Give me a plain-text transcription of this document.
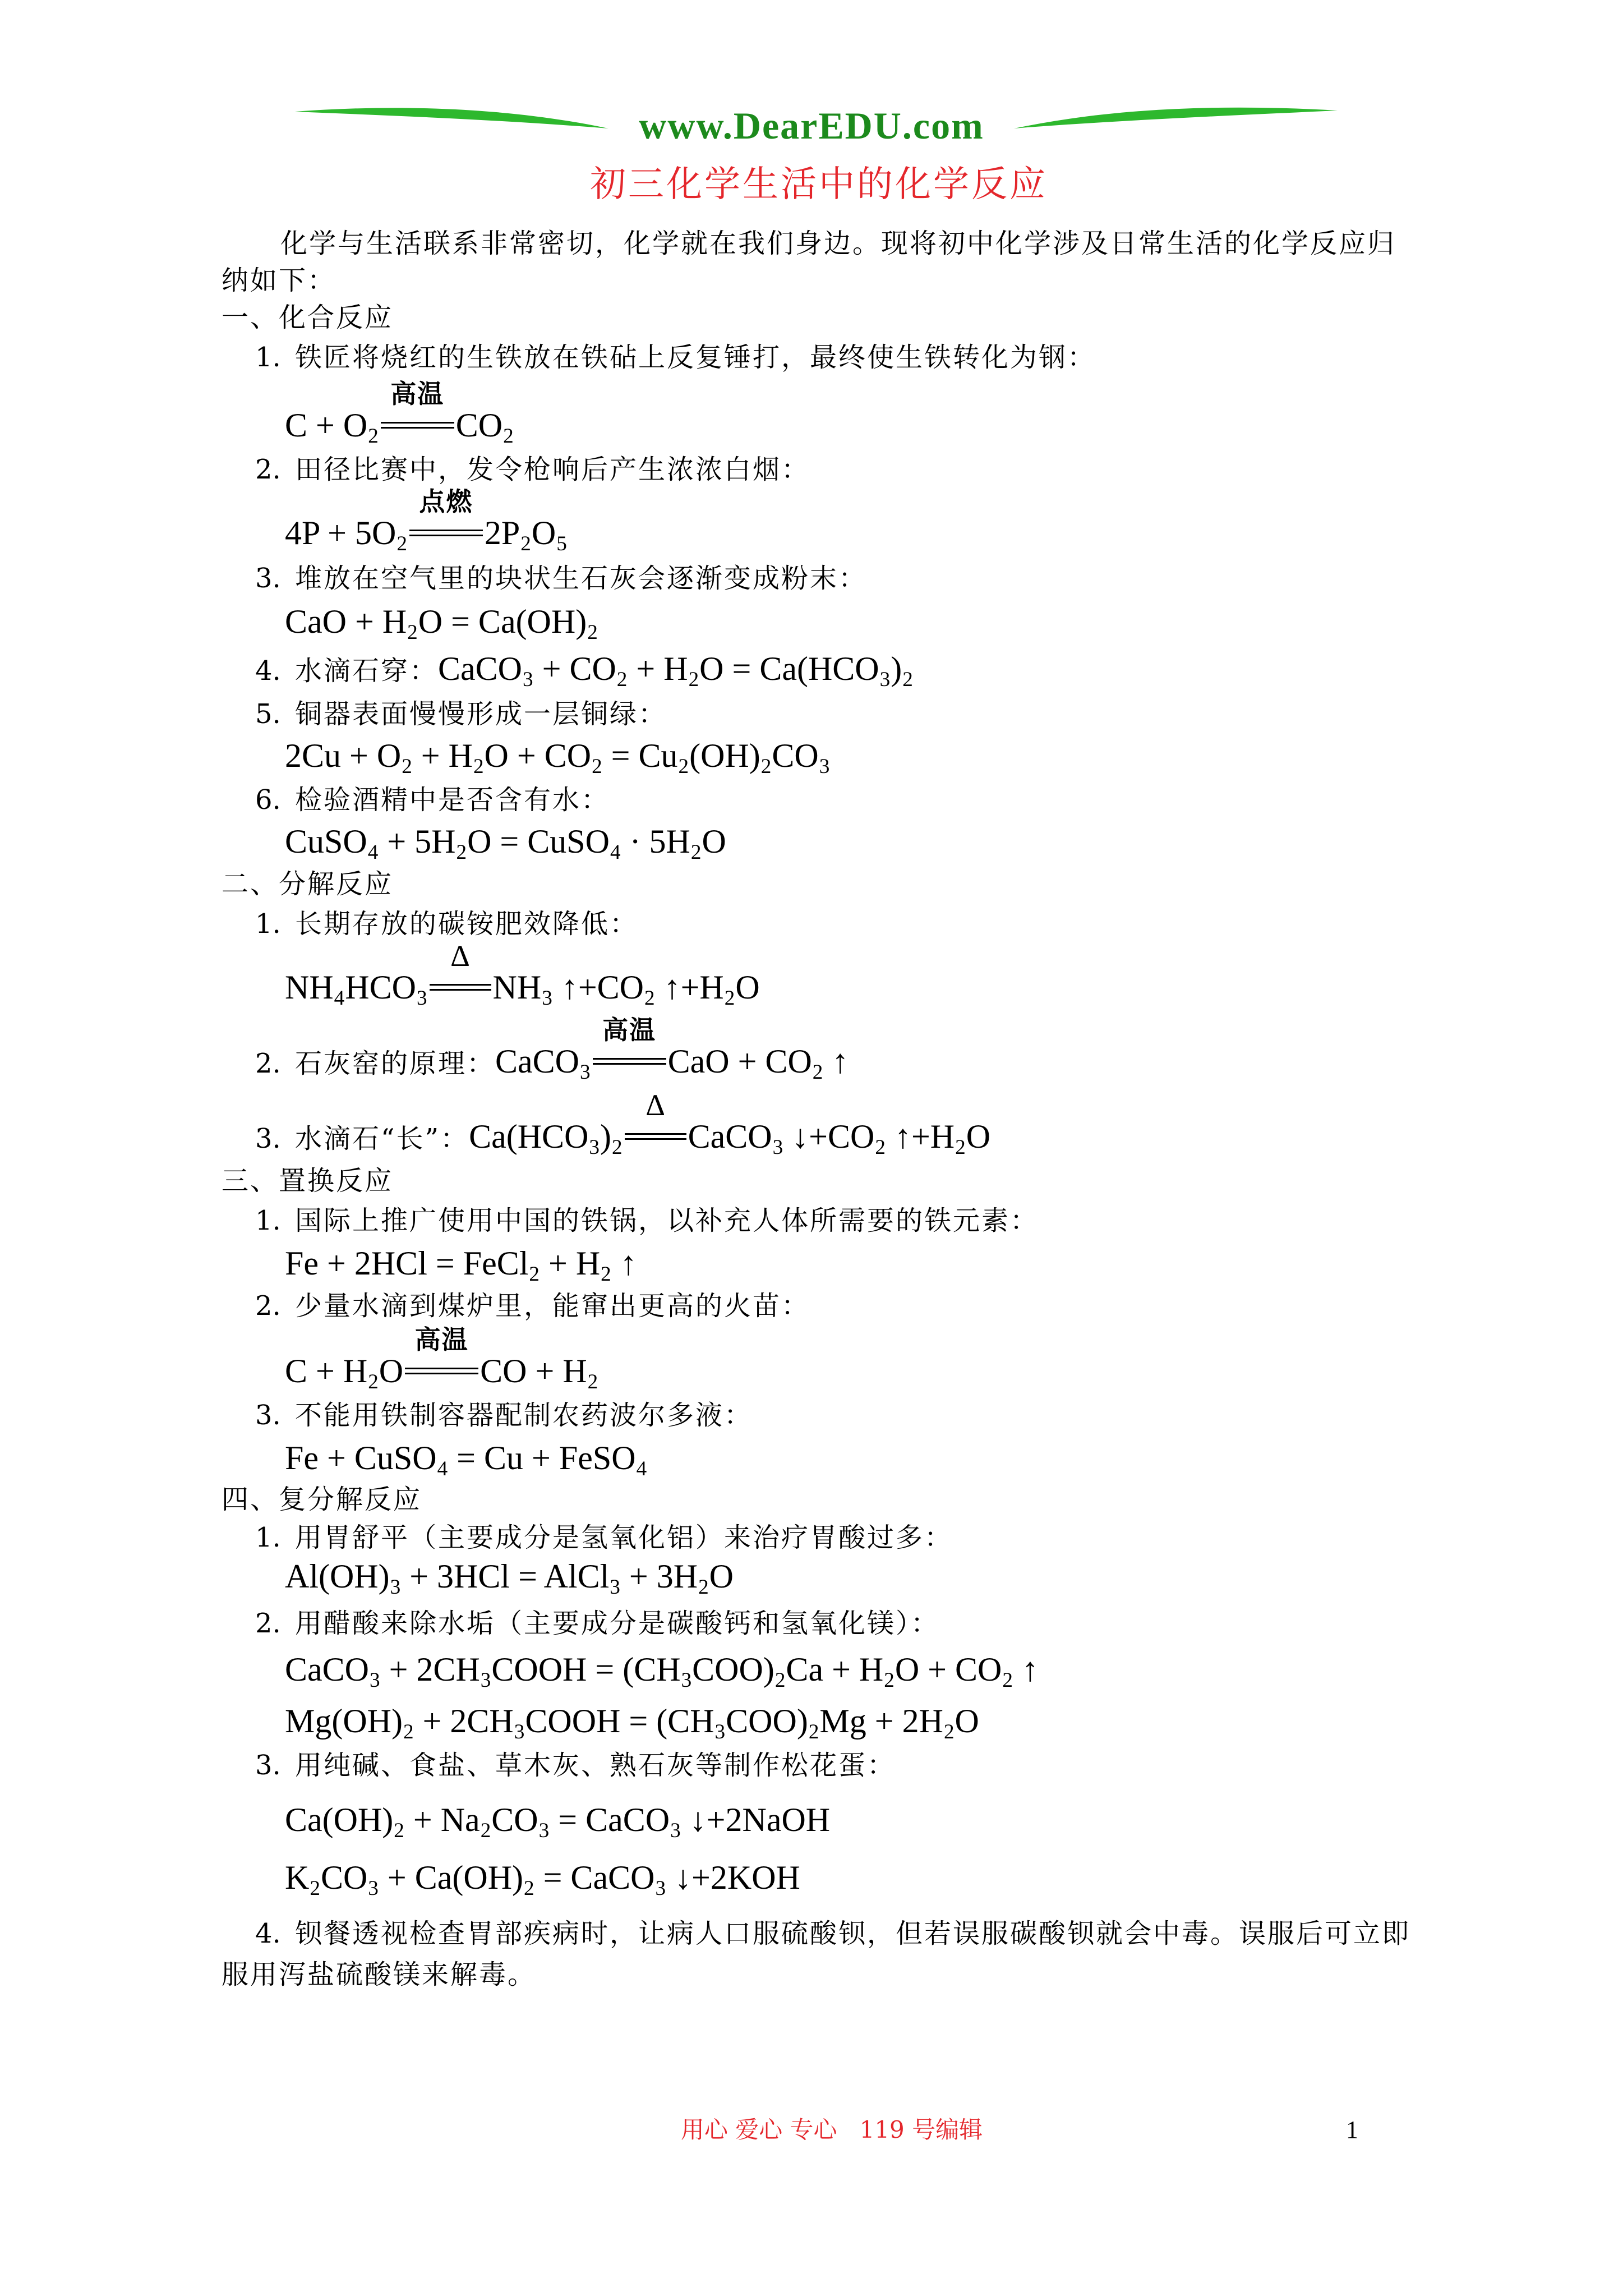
www.DearEDU.com
初三化学生活中的化学反应
化学与生活联系非常密切，化学就在我们身边。现将初中化学涉及日常生活的化学反应归
纳如下：
一、化合反应
1. 铁匠将烧红的生铁放在铁砧上反复锤打，最终使生铁转化为钢：
C + O2
高温
CO2
2. 田径比赛中，发令枪响后产生浓浓白烟：
4P + 5O2
点燃
2P2O5
3. 堆放在空气里的块状生石灰会逐渐变成粉末：
CaO + H2O = Ca(OH)2
4. 水滴石穿：CaCO3 + CO2 + H2O = Ca(HCO3)2
5. 铜器表面慢慢形成一层铜绿：
2Cu + O2 + H2O + CO2 = Cu2(OH)2CO3
6. 检验酒精中是否含有水：
CuSO4 + 5H2O = CuSO4 · 5H2O
二、分解反应
1. 长期存放的碳铵肥效降低：
NH4HCO3
Δ
NH3 ↑+CO2 ↑+H2O
2. 石灰窑的原理：CaCO3
高温
CaO + CO2 ↑
3. 水滴石“长”：Ca(HCO3)2
Δ
CaCO3 ↓+CO2 ↑+H2O
三、置换反应
1. 国际上推广使用中国的铁锅，以补充人体所需要的铁元素：
Fe + 2HCl = FeCl2 + H2 ↑
2. 少量水滴到煤炉里，能窜出更高的火苗：
C + H2O
高温
CO + H2
3. 不能用铁制容器配制农药波尔多液：
Fe + CuSO4 = Cu + FeSO4
四、复分解反应
1. 用胃舒平（主要成分是氢氧化铝）来治疗胃酸过多：
Al(OH)3 + 3HCl = AlCl3 + 3H2O
2. 用醋酸来除水垢（主要成分是碳酸钙和氢氧化镁）：
CaCO3 + 2CH3COOH = (CH3COO)2Ca + H2O + CO2 ↑
Mg(OH)2 + 2CH3COOH = (CH3COO)2Mg + 2H2O
3. 用纯碱、食盐、草木灰、熟石灰等制作松花蛋：
Ca(OH)2 + Na2CO3 = CaCO3 ↓+2NaOH
K2CO3 + Ca(OH)2 = CaCO3 ↓+2KOH
4. 钡餐透视检查胃部疾病时，让病人口服硫酸钡，但若误服碳酸钡就会中毒。误服后可立即
服用泻盐硫酸镁来解毒。
用心 爱心 专心   119 号编辑	1
